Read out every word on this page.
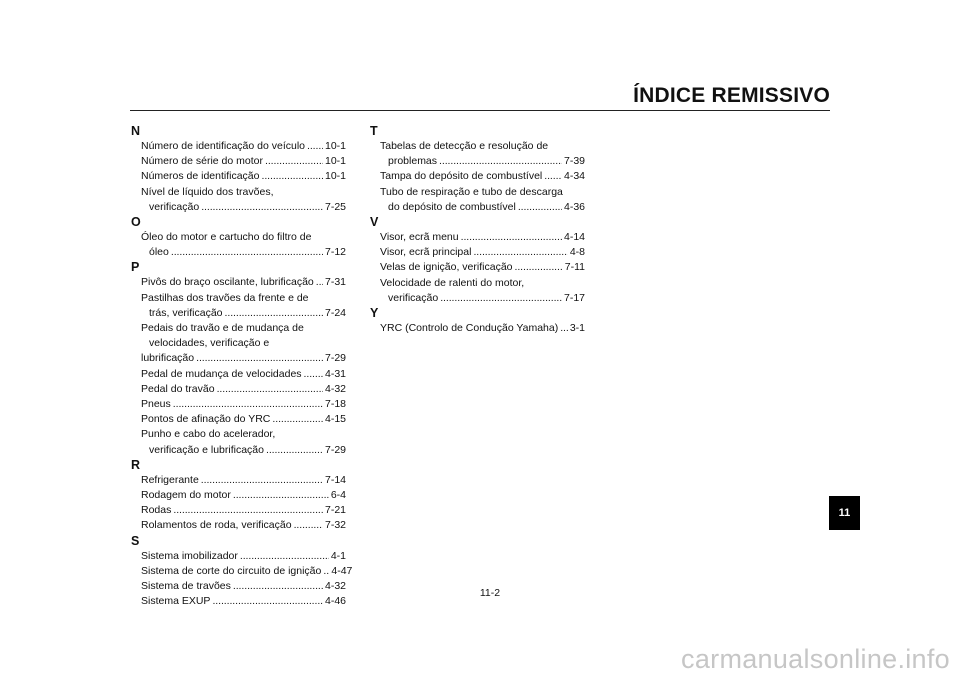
ÍNDICE REMISSIVO
N
Número de identificação do veículo . . . 10-1
Número de série do motor . . .	10-1
Números de identificação . . .	10-1
Nível de líquido dos travões,
verificação . . .	7-25
O
Óleo do motor e cartucho do filtro de
óleo . . .	7-12
P
Pivôs do braço oscilante, lubrificação . . . 7-31
Pastilhas dos travões da frente e de
trás, verificação . . .	7-24
Pedais do travão e de mudança de
velocidades, verificação e
lubrificação . . .	7-29
Pedal de mudança de velocidades . . . 4-31
Pedal do travão . . .	4-32
Pneus . . .	7-18
Pontos de afinação do YRC . . .	4-15
Punho e cabo do acelerador,
verificação e lubrificação . . .	7-29
R
Refrigerante . . .	7-14
Rodagem do motor . . .	6-4
Rodas . . .	7-21
Rolamentos de roda, verificação . . .	7-32
S
Sistema imobilizador . . .	4-1
Sistema de corte do circuito de ignição . . . 4-47
Sistema de travões . . .	4-32
Sistema EXUP . . .	4-46
T
Tabelas de detecção e resolução de
problemas . . .	7-39
Tampa do depósito de combustível . . . 4-34
Tubo de respiração e tubo de descarga
do depósito de combustível . . .	4-36
V
Visor, ecrã menu . . .	4-14
Visor, ecrã principal . . .	4-8
Velas de ignição, verificação . . .	7-11
Velocidade de ralenti do motor,
verificação . . .	7-17
Y
YRC (Controlo de Condução Yamaha) . . . 3-1
11
11-2
carmanualsonline.info
